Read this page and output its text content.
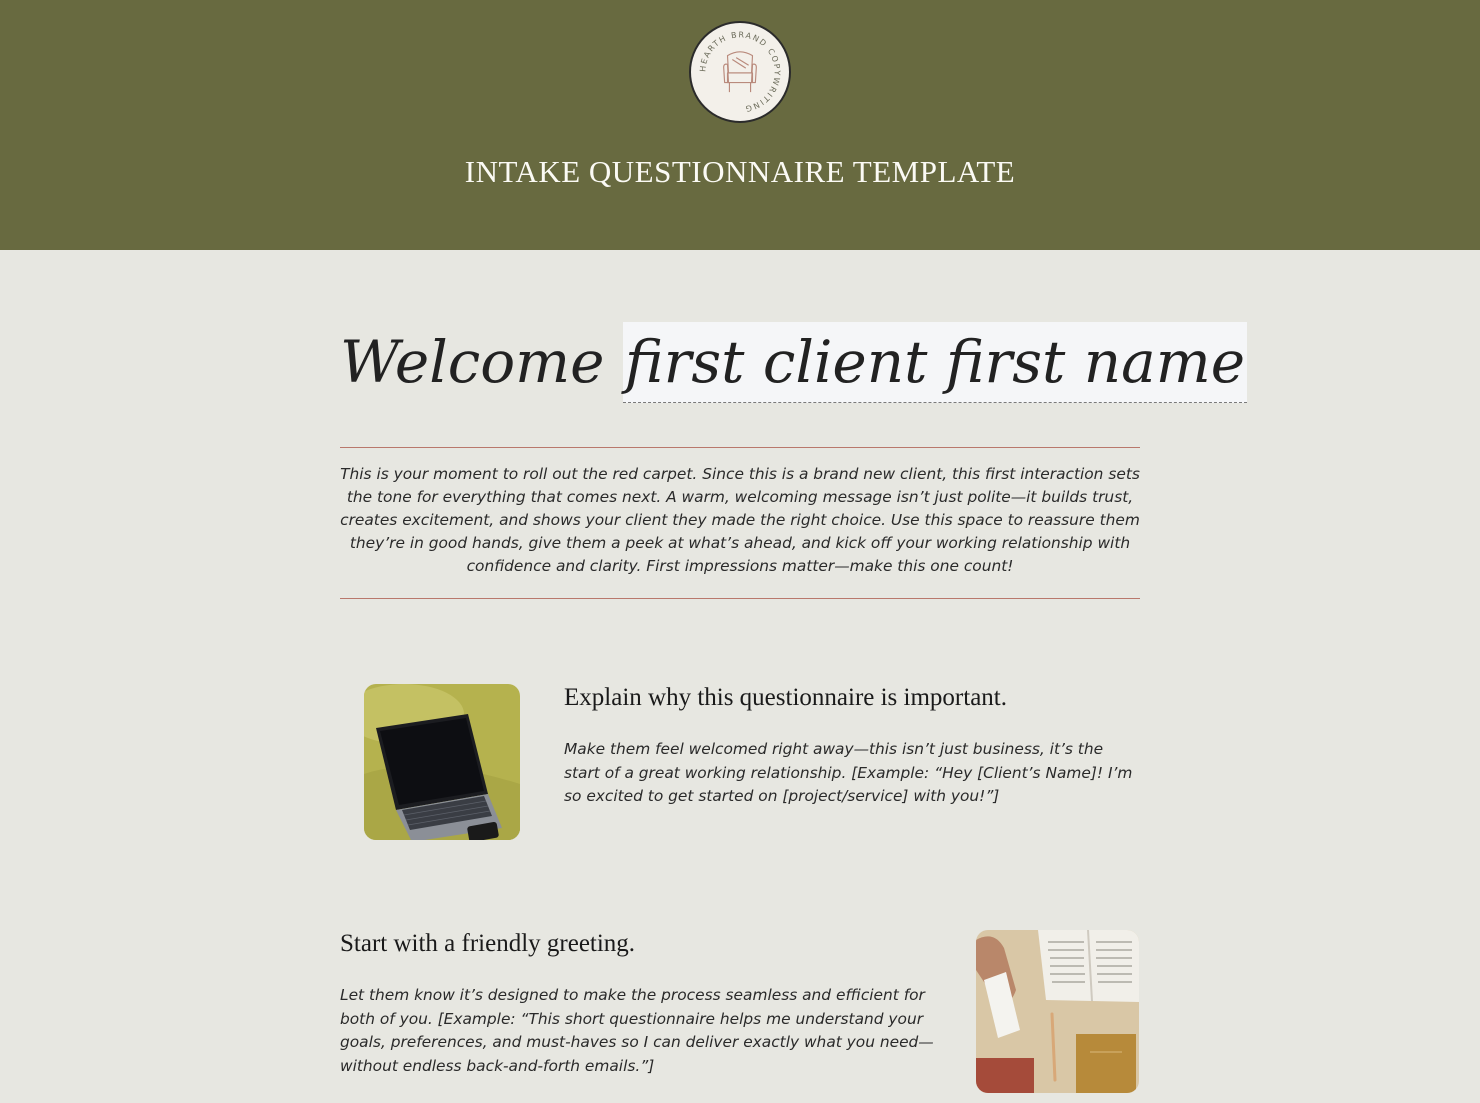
HEARTH BRAND COPYWRITING
INTAKE QUESTIONNAIRE TEMPLATE
Welcome first client first name

This is your moment to roll out the red carpet. Since this is a brand new client, this first interaction sets the tone for everything that comes next. A warm, welcoming message isn’t just polite—it builds trust, creates excitement, and shows your client they made the right choice. Use this space to reassure them they’re in good hands, give them a peek at what’s ahead, and kick off your working relationship with confidence and clarity. First impressions matter—make this one count!

Explain why this questionnaire is important.

Make them feel welcomed right away—this isn’t just business, it’s the start of a great working relationship. [Example: “Hey [Client’s Name]! I’m so excited to get started on [project/service] with you!”]

Start with a friendly greeting.

Let them know it’s designed to make the process seamless and efficient for both of you. [Example: “This short questionnaire helps me understand your goals, preferences, and must-haves so I can deliver exactly what you need—without endless back-and-forth emails.”]
